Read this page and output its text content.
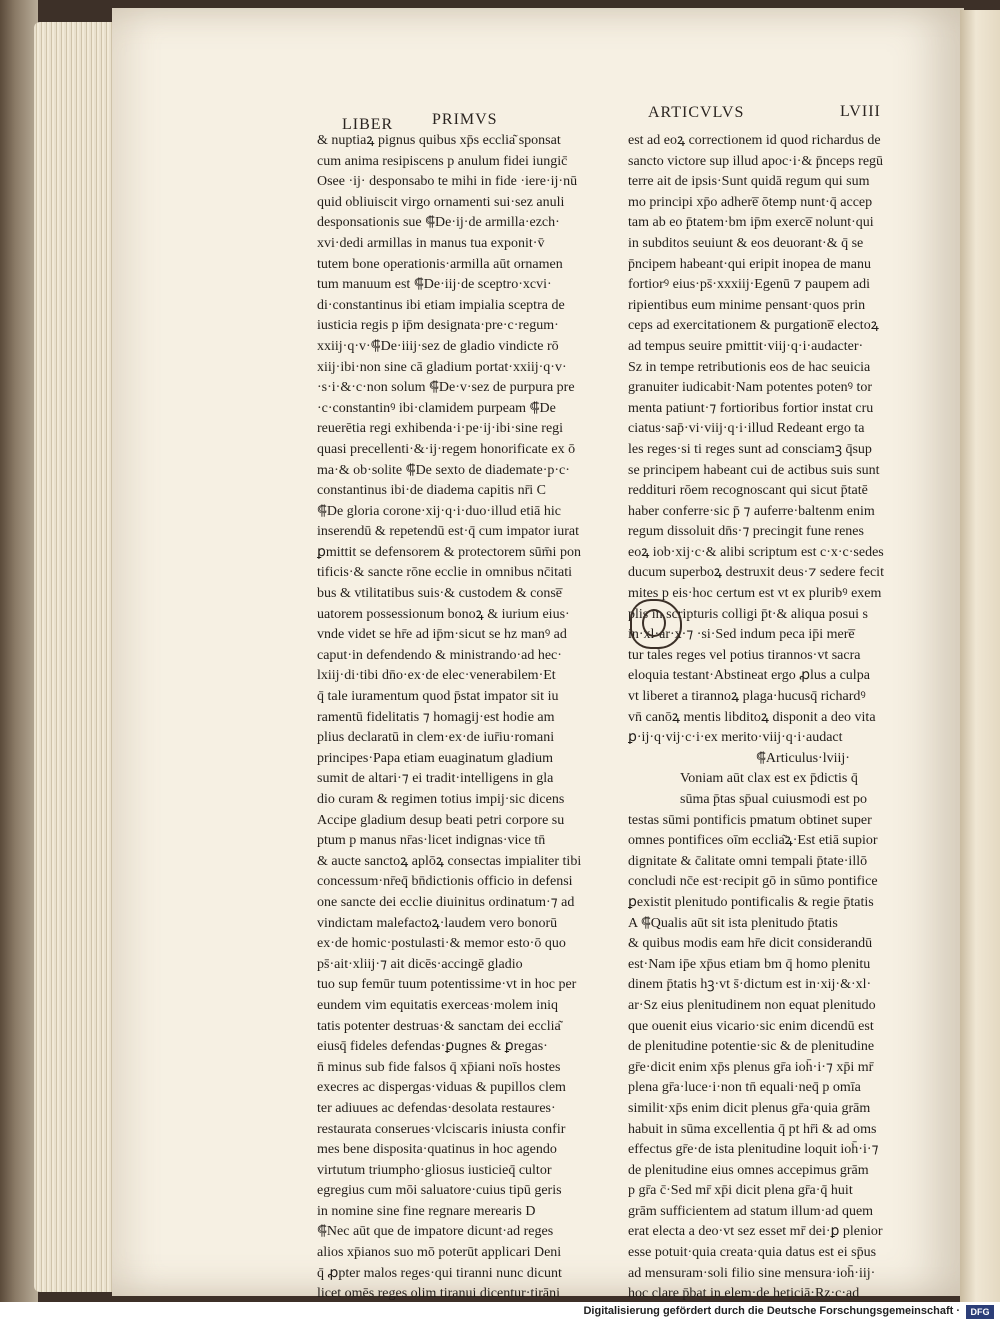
LIBER PRIMVS	ARTICVLVS	LVIII
& nuptiaꝝ pignus quibus xp̄s ecclia͂ sponsat
cum anima resipiscens p anulum fidei iungic̄
Osee ·ij· desponsabo te mihi in fide ·iere·ij·nū
quid obliuiscit virgo ornamenti sui·sez anuli
desponsationis sue ⸿De·ij·de armilla·ezch·
xvi·dedi armillas in manus tua exponit·v̄
tutem bone operationis·armilla aūt ornamen
tum manuum est ⸿De·iij·de sceptro·xcvi·
di·constantinus ibi etiam impialia sceptra de
iusticia regis p ip̄m designata·pre·c·regum·
xxiij·q·v·⸿De·iiij·sez de gladio vindicte rō
xiij·ibi·non sine cā gladium portat·xxiij·q·v·
·s·i·&·c·non solum ⸿De·v·sez de purpura pre
·c·constantinꝰ ibi·clamidem purpeam ⸿De
reuerētia regi exhibenda·i·pe·ij·ibi·sine regi
quasi precellenti·&·ij·regem honorificate ex ō
ma·& ob·solite ⸿De sexto de diademate·p·c·
constantinus ibi·de diadema capitis nr̄i C
⸿De gloria corone·xij·q·i·duo·illud etiā hic
inserendū & repetendū est·q̄ cum impator iurat
ꝑmittit se defensorem & protectorem sūm̄i pon
tificis·& sancte rōne ecclie in omnibus nc̄itati
bus & vtilitatibus suis·& custodem & conse̅
uatorem possessionum bonoꝝ & iurium eius·
vnde videt se hr̄e ad ip̄m·sicut se hz manꝰ ad
caput·in defendendo & ministrando·ad hec·
lxiij·di·tibi dn̄o·ex·de elec·venerabilem·Et
q̄ tale iuramentum quod p̄stat impator sit iu
ramentū fidelitatis ⁊ homagij·est hodie am
plius declaratū in clem·ex·de iur̄iu·romani
principes·Papa etiam euaginatum gladium
sumit de altari·⁊ ei tradit·intelligens in gla
dio curam & regimen totius impij·sic dicens
Accipe gladium desup beati petri corpore su
ptum p manus nr̄as·licet indignas·vice tn̄
& aucte sanctoꝝ aplōꝝ consectas impialiter tibi
concessum·nr̄eq̄ bn̄dictionis officio in defensi
one sancte dei ecclie diuinitus ordinatum·⁊ ad
vindictam malefactoꝝ·laudem vero bonorū
ex·de homic·postulasti·& memor esto·ō quo
ps̄·ait·xliij·⁊ ait dicēs·accingē gladio
tuo sup femūr tuum potentissime·vt in hoc per
eundem vim equitatis exerceas·molem iniq
tatis potenter destruas·& sanctam dei ecclia͂
eiusq̄ fideles defendas·ꝑugnes & ꝑregas·
n̄ minus sub fide falsos q̄ xp̄iani noīs hostes
execres ac dispergas·viduas & pupillos clem
ter adiuues ac defendas·desolata restaures·
restaurata conserues·vlciscaris iniusta confir
mes bene disposita·quatinus in hoc agendo
virtutum triumpho·gliosus iusticieq̄ cultor
egregius cum mōi saluatore·cuius tipū geris
in nomine sine fine regnare merearis D
⸿Nec aūt que de impatore dicunt·ad reges
alios xp̄ianos suo mō poterūt applicari Deni
q̄ ꝓpter malos reges·qui tiranni nunc dicunt
licet omēs reges olim tiranui dicentur·tirāni
est ad eoꝝ correctionem id quod richardus de
sancto victore sup illud apoc·i·& p̄nceps regū
terre ait de ipsis·Sunt quidā regum qui sum
mo principi xp̄o adhere̅ ōtemp nunt·q̄ accep
tam ab eo p̄tatem·bm ip̄m exerce̅ nolunt·qui
in subditos seuiunt & eos deuorant·& q̄ se
p̄ncipem habeant·qui eripit inopea de manu
fortiorꝰ eius·ps̄·xxxiij·Egenū ⁊ paupem adi
ripientibus eum minime pensant·quos prin
ceps ad exercitationem & purgatione̅ electoꝝ
ad tempus seuire pmittit·viij·q·i·audacter·
Sz in tempe retributionis eos de hac seuicia
granuiter iudicabit·Nam potentes potenꝰ tor
menta patiunt·⁊ fortioribus fortior instat cru
ciatus·sap̄·vi·viij·q·i·illud Redeant ergo ta
les reges·si ti reges sunt ad consciamꝫ q̄sup
se principem habeant cui de actibus suis sunt
reddituri rōem recognoscant qui sicut p̄tatē
haber conferre·sic p̄ ⁊ auferre·baltenm enim
regum dissoluit dn̄s·⁊ precingit fune renes
eoꝝ iob·xij·c·& alibi scriptum est c·x·c·sedes
ducum superboꝝ destruxit deus·⁊ sedere fecit
mites p eis·hoc certum est vt ex pluribꝰ exem
plis in scripturis colligi p̄t·& aliqua posui s
in·xl·ar·x·⁊ ·si·Sed indum peca ip̄i mere̅
tur tales reges vel potius tirannos·vt sacra
eloquia testant·Abstineat ergo ꝓlus a culpa
vt liberet a tirannoꝝ plaga·hucusq̄ richardꝰ
vn̄ canōꝝ mentis libditoꝝ disponit a deo vita
ꝑ·ij·q·vij·c·i·ex merito·viij·q·i·audact
⸿Articulus·lviij·
Voniam aūt clax est ex p̄dictis q̄
sūma p̄tas sp̄ual cuiusmodi est po
testas sūmi pontificis pmatum obtinet super
omnes pontifices oīm ecclia͂ꝝ·Est etiā supior
dignitate & c̄alitate omni tempali p̄tate·illō
concludi nc̄e est·recipit gō in sūmo pontifice
ꝑexistit plenitudo pontificalis & regie p̄tatis
A ⸿Qualis aūt sit ista plenitudo p̄tatis
& quibus modis eam hr̄e dicit considerandū
est·Nam ip̄e xp̄us etiam bm q̄ homo plenitu
dinem p̄tatis hꝫ·vt s̄·dictum est in·xij·&·xl·
ar·Sz eius plenitudinem non equat plenitudo
que ouenit eius vicario·sic enim dicendū est
de plenitudine potentie·sic & de plenitudine
gr̄e·dicit enim xp̄s plenus gr̄a ioh̄·i·⁊ xp̄i mr̄
plena gr̄a·luce·i·non tn̄ equali·neq̄ p omīa
similit·xp̄s enim dicit plenus gr̄a·quia grām
habuit in sūma excellentia q̄ pt hr̄i & ad oms
effectus gr̄e·de ista plenitudine loquit ioh̄·i·⁊
de plenitudine eius omnes accepimus grām
p gr̄a c̄·Sed mr̄ xp̄i dicit plena gr̄a·q̄ huit
grām sufficientem ad statum illum·ad quem
erat electa a deo·vt sez esset mr̄ dei·ꝑ plenior
esse potuit·quia creata·quia datus est ei sp̄us
ad mensuram·soli filio sine mensura·ioh̄·iij·
hoc clare p̄bat in elem·de heticiā·Rz·c·ad
Digitalisierung gefördert durch die Deutsche Forschungsgemeinschaft ·	DFG
